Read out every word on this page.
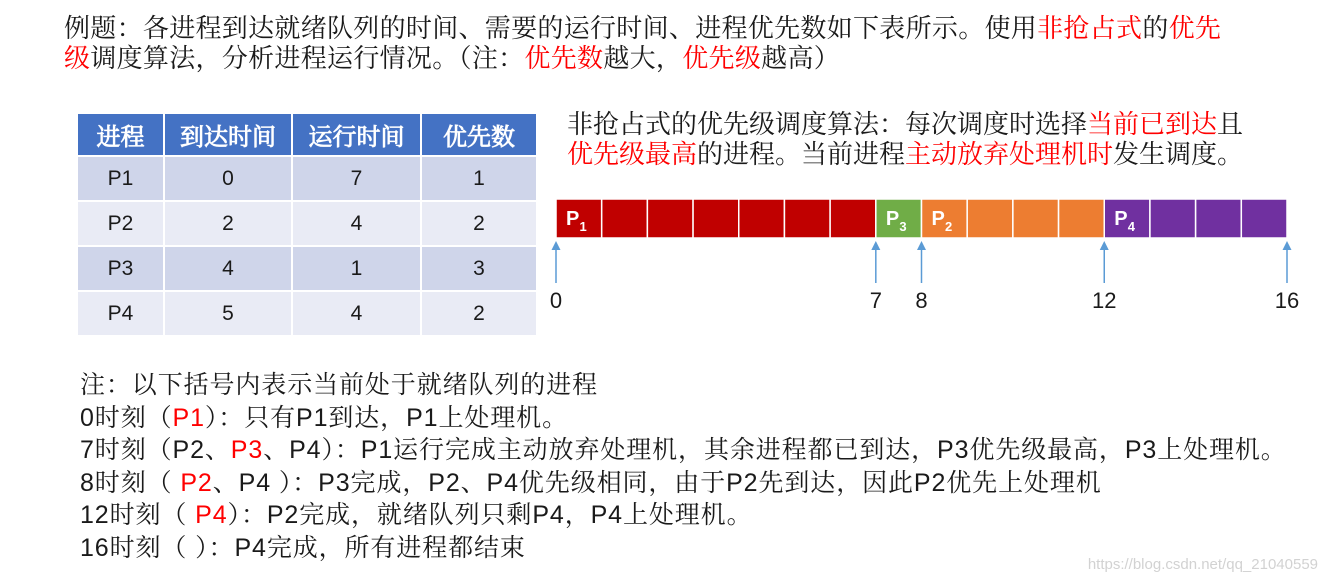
例题：各进程到达就绪队列的时间、需要的运行时间、进程优先数如下表所示。使用非抢占式的优先
级调度算法，分析进程运行情况。（注：优先数越大，优先级越高）
进程	到达时间	运行时间	优先数
P1	0	7	1
P2	2	4	2
P3	4	1	3
P4	5	4	2
非抢占式的优先级调度算法：每次调度时选择当前已到达且
优先级最高的进程。当前进程主动放弃处理机时发生调度。
P 1	P 3 P 2	P 4
0	7 8	12	16
注：以下括号内表示当前处于就绪队列的进程
0时刻（P1）：只有P1到达，P1上处理机。
7时刻（P2、P3、P4）：P1运行完成主动放弃处理机，其余进程都已到达，P3优先级最高，P3上处理机。
8时刻（ P2、P4 ）：P3完成，P2、P4优先级相同，由于P2先到达，因此P2优先上处理机
12时刻（ P4）：P2完成，就绪队列只剩P4，P4上处理机。
16时刻（ ）：P4完成，所有进程都结束
https://blog.csdn.net/qq_21040559
